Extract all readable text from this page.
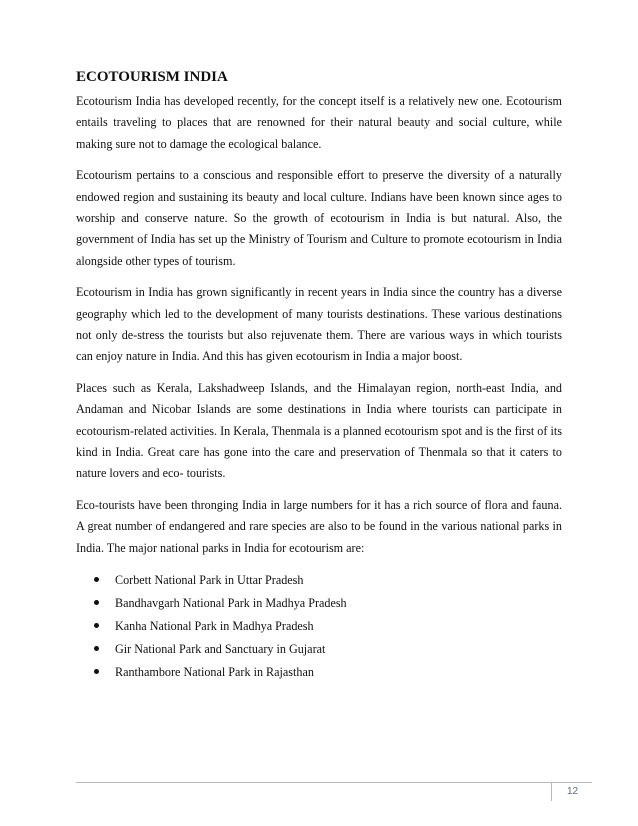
ECOTOURISM INDIA

Ecotourism India has developed recently, for the concept itself is a relatively new one. Ecotourism entails traveling to places that are renowned for their natural beauty and social culture, while making sure not to damage the ecological balance.

Ecotourism pertains to a conscious and responsible effort to preserve the diversity of a naturally endowed region and sustaining its beauty and local culture. Indians have been known since ages to worship and conserve nature. So the growth of ecotourism in India is but natural. Also, the government of India has set up the Ministry of Tourism and Culture to promote ecotourism in India alongside other types of tourism.

Ecotourism in India has grown significantly in recent years in India since the country has a diverse geography which led to the development of many tourists destinations. These various destinations not only de-stress the tourists but also rejuvenate them. There are various ways in which tourists can enjoy nature in India. And this has given ecotourism in India a major boost.

Places such as Kerala, Lakshadweep Islands, and the Himalayan region, north-east India, and Andaman and Nicobar Islands are some destinations in India where tourists can participate in ecotourism-related activities. In Kerala, Thenmala is a planned ecotourism spot and is the first of its kind in India. Great care has gone into the care and preservation of Thenmala so that it caters to nature lovers and eco- tourists.

Eco-tourists have been thronging India in large numbers for it has a rich source of flora and fauna. A great number of endangered and rare species are also to be found in the various national parks in India. The major national parks in India for ecotourism are:

Corbett National Park in Uttar Pradesh
Bandhavgarh National Park in Madhya Pradesh
Kanha National Park in Madhya Pradesh
Gir National Park and Sanctuary in Gujarat
Ranthambore National Park in Rajasthan
12
